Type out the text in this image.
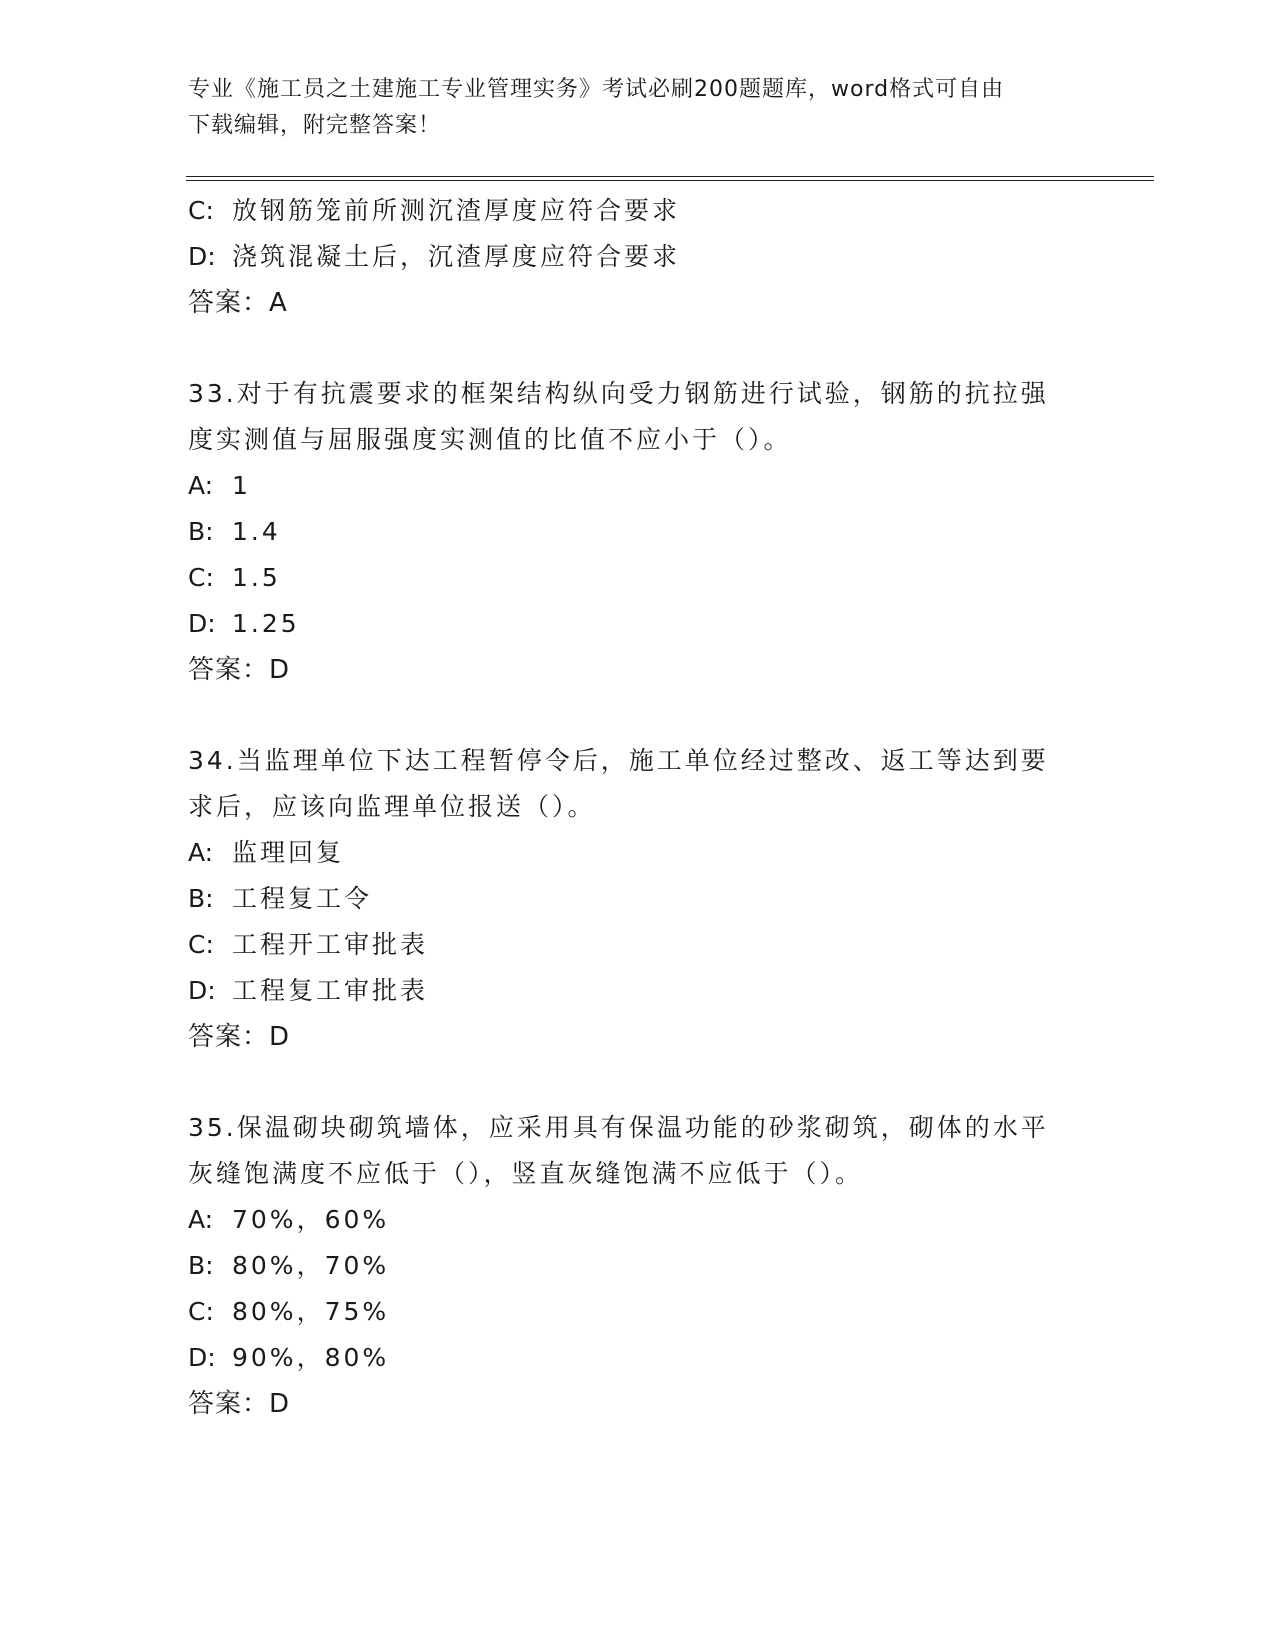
专业《施工员之土建施工专业管理实务》考试必刷200题题库，word格式可自由
下载编辑，附完整答案！
C: 放钢筋笼前所测沉渣厚度应符合要求
D: 浇筑混凝土后，沉渣厚度应符合要求
答案：A
33.对于有抗震要求的框架结构纵向受力钢筋进行试验，钢筋的抗拉强
度实测值与屈服强度实测值的比值不应小于（）。
A: 1
B: 1.4
C: 1.5
D: 1.25
答案：D
34.当监理单位下达工程暂停令后，施工单位经过整改、返工等达到要
求后，应该向监理单位报送（）。
A: 监理回复
B: 工程复工令
C: 工程开工审批表
D: 工程复工审批表
答案：D
35.保温砌块砌筑墙体，应采用具有保温功能的砂浆砌筑，砌体的水平
灰缝饱满度不应低于（），竖直灰缝饱满不应低于（）。
A: 70%，60%
B: 80%，70%
C: 80%，75%
D: 90%，80%
答案：D
